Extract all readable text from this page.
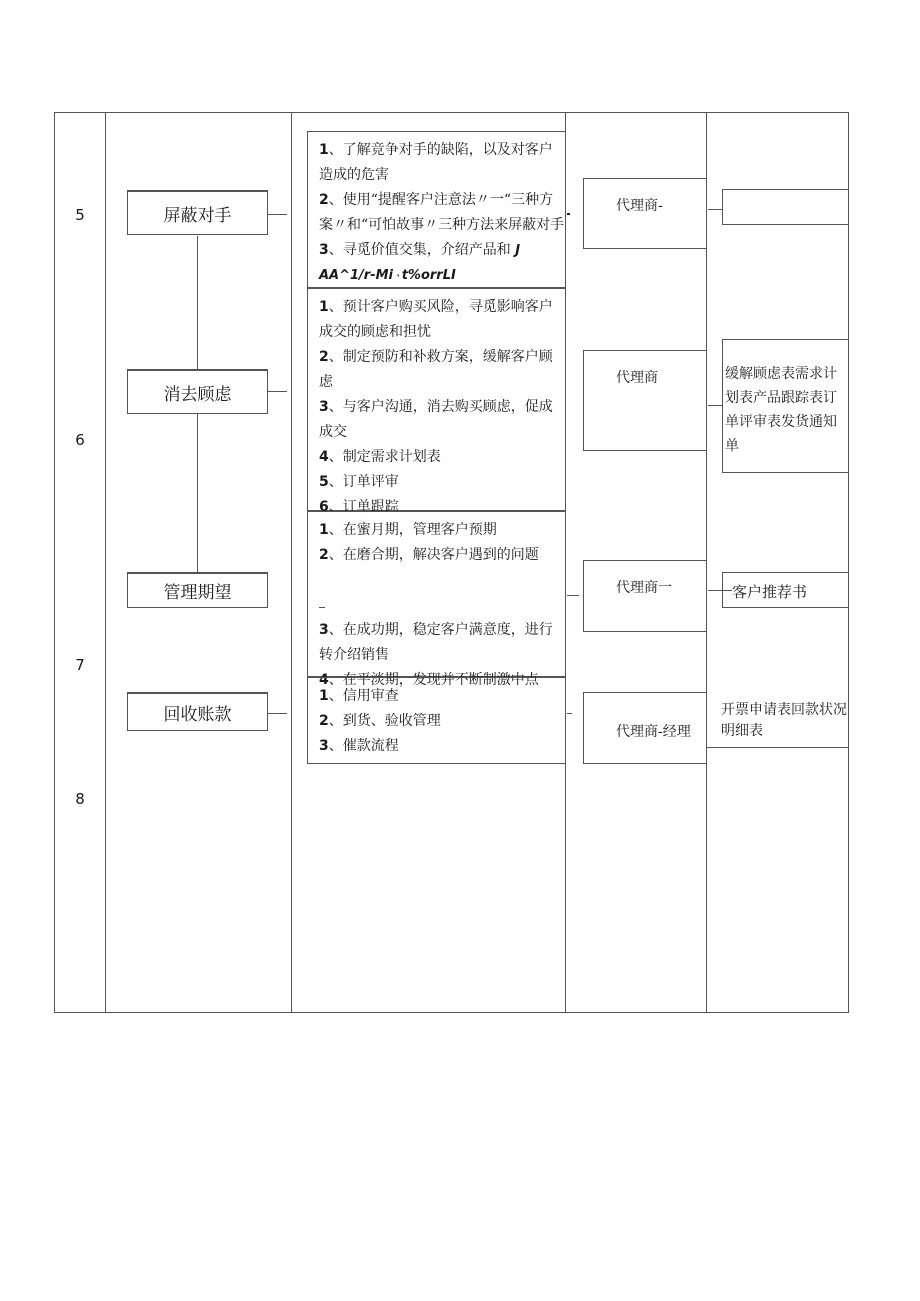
5
6
7
8
屏蔽对手
消去顾虑
管理期望
回收账款

1、了解竞争对手的缺陷，以及对客户造成的危害

2、使用“提醒客户注意法〃一“三种方案〃和“可怕故事〃三种方法来屏蔽对手

3、寻觅价值交集，介绍产品和 J AA^1/r-Miㆍt%orrLI

1、预计客户购买风险，寻觅影响客户成交的顾虑和担忧

2、制定预防和补救方案，缓解客户顾虑

3、与客户沟通，消去购买顾虑，促成成交

4、制定需求计划表

5、订单评审

6、订单跟踪

1、在蜜月期，管理客户预期

2、在磨合期，解决客户遇到的问题

3、在成功期，稳定客户满意度，进行转介绍销售

4、在平淡期，发现并不断制激中点

1、信用审查

2、到货、验收管理

3、催款流程

代理商-
代理商
代理商一
代理商-经理
缓解顾虑表需求计划表产品跟踪表订单评审表发货通知单
客户推荐书
开票申请表回款状况明细表
